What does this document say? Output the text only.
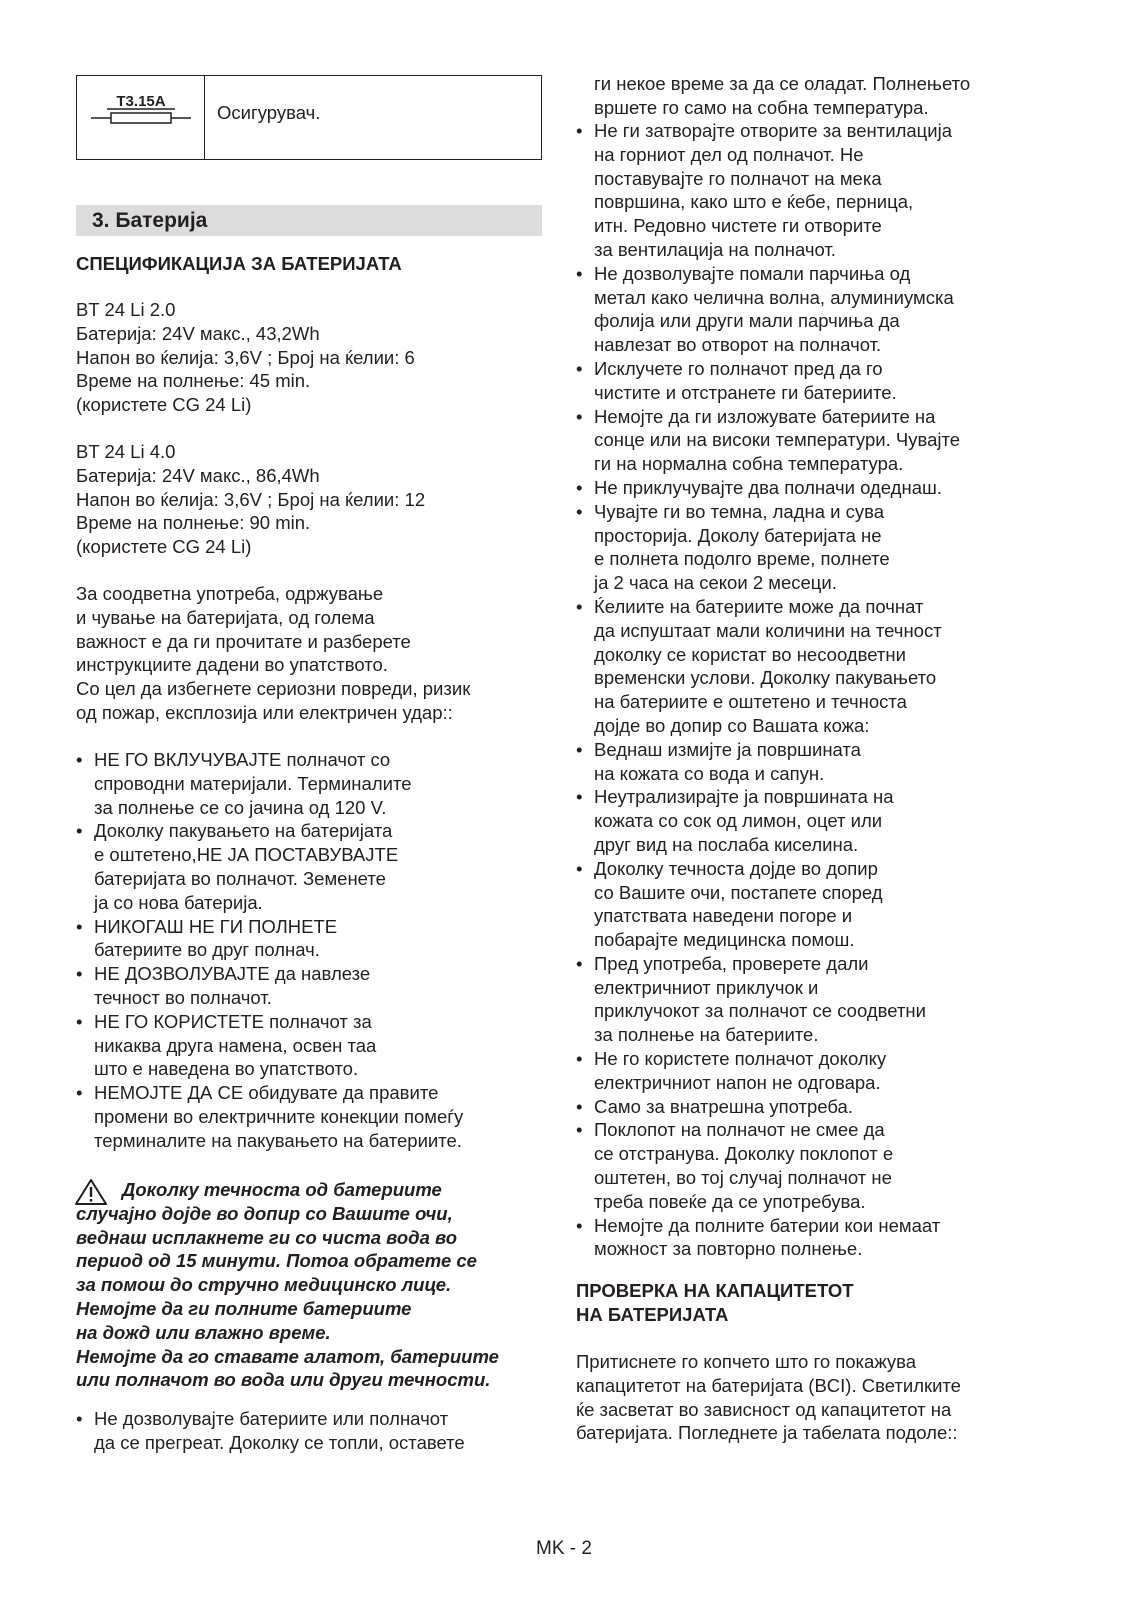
T3.15A
Осигурувач.
3. Батерија
СПЕЦИФИКАЦИЈА ЗА БАТЕРИЈАТА
BT 24 Li 2.0
Батерија: 24V макс., 43,2Wh
Напон во ќелија: 3,6V ; Број на ќелии: 6
Време на полнење: 45 min.
(користете CG 24 Li)
BT 24 Li 4.0
Батерија: 24V макс., 86,4Wh
Напон во ќелија: 3,6V ; Број на ќелии: 12
Време на полнење: 90 min.
(користете CG 24 Li)
За соодветна употреба, одржување
и чување на батеријата, од голема
важност е да ги прочитате и разберете
инструкциите дадени во упатството.
Со цел да избегнете сериозни повреди, ризик
од пожар, експлозија или електричен удар::
• НЕ ГО ВКЛУЧУВАЈТЕ полначот со
спроводни материјали. Терминалите
за полнење се со јачина од 120 V.
• Доколку пакувањето на батеријата
е оштетено,НЕ ЈА ПОСТАВУВАЈТЕ
батеријата во полначот. Земенете
ја со нова батерија.
• НИКОГАШ НЕ ГИ ПОЛНЕТЕ
батериите во друг полнач.
• НЕ ДОЗВОЛУВАЈТЕ да навлезе
течност во полначот.
• НЕ ГО КОРИСТЕТЕ полначот за
никаква друга намена, освен таа
што е наведена во упатството.
• НЕМОЈТЕ ДА СЕ обидувате да правите
промени во електричните конекции помеѓу
терминалите на пакувањето на батериите.
Доколку течноста од батериите
случајно дојде во допир со Вашите очи,
веднаш исплакнете ги со чиста вода во
период од 15 минути. Потоа обратете се
за помош до стручно медицинско лице.
Немојте да ги полните батериите
на дожд или влажно време.
Немојте да го ставате алатот, батериите
или полначот во вода или други течности.
• Не дозволувајте батериите или полначот
да се прегреат. Доколку се топли, оставете
ги некое време за да се оладат. Полнењето
вршете го само на собна температура.
• Не ги затворајте отворите за вентилација
на горниот дел од полначот. Не
поставувајте го полначот на мека
површина, како што е ќебе, перница,
итн. Редовно чистете ги отворите
за вентилација на полначот.
• Не дозволувајте помали парчиња од
метал како челична волна, алуминиумска
фолија или други мали парчиња да
навлезат во отворот на полначот.
• Исклучете го полначот пред да го
чистите и отстранете ги батериите.
• Немојте да ги изложувате батериите на
сонце или на високи температури. Чувајте
ги на нормална собна температура.
• Не приклучувајте два полначи одеднаш.
• Чувајте ги во темна, ладна и сува
просторија. Доколу батеријата не
е полнета подолго време, полнете
ја 2 часа на секои 2 месеци.
• Ќелиите на батериите може да почнат
да испуштаат мали количини на течност
доколку се користат во несоодветни
временски услови. Доколку пакувањето
на батериите е оштетено и течноста
дојде во допир со Вашата кожа:
• Веднаш измијте ја површината
на кожата со вода и сапун.
• Неутрализирајте ја површината на
кожата со сок од лимон, оцет или
друг вид на послаба киселина.
• Доколку течноста дојде во допир
со Вашите очи, постапете според
упатствата наведени погоре и
побарајте медицинска помош.
• Пред употреба, проверете дали
електричниот приклучок и
приклучокот за полначот се соодветни
за полнење на батериите.
• Не го користете полначот доколку
електричниот напон не одговара.
• Само за внатрешна употреба.
• Поклопот на полначот не смее да
се отстранува. Доколку поклопот е
оштетен, во тој случај полначот не
треба повеќе да се употребува.
• Немојте да полните батерии кои немаат
можност за повторно полнење.
ПРОВЕРКА НА КАПАЦИТЕТОТ
НА БАТЕРИЈАТА
Притиснете го копчето што го покажува
капацитетот на батеријата (BCI). Светилките
ќе засветат во зависност од капацитетот на
батеријата. Погледнете ја табелата подоле::
MK - 2
